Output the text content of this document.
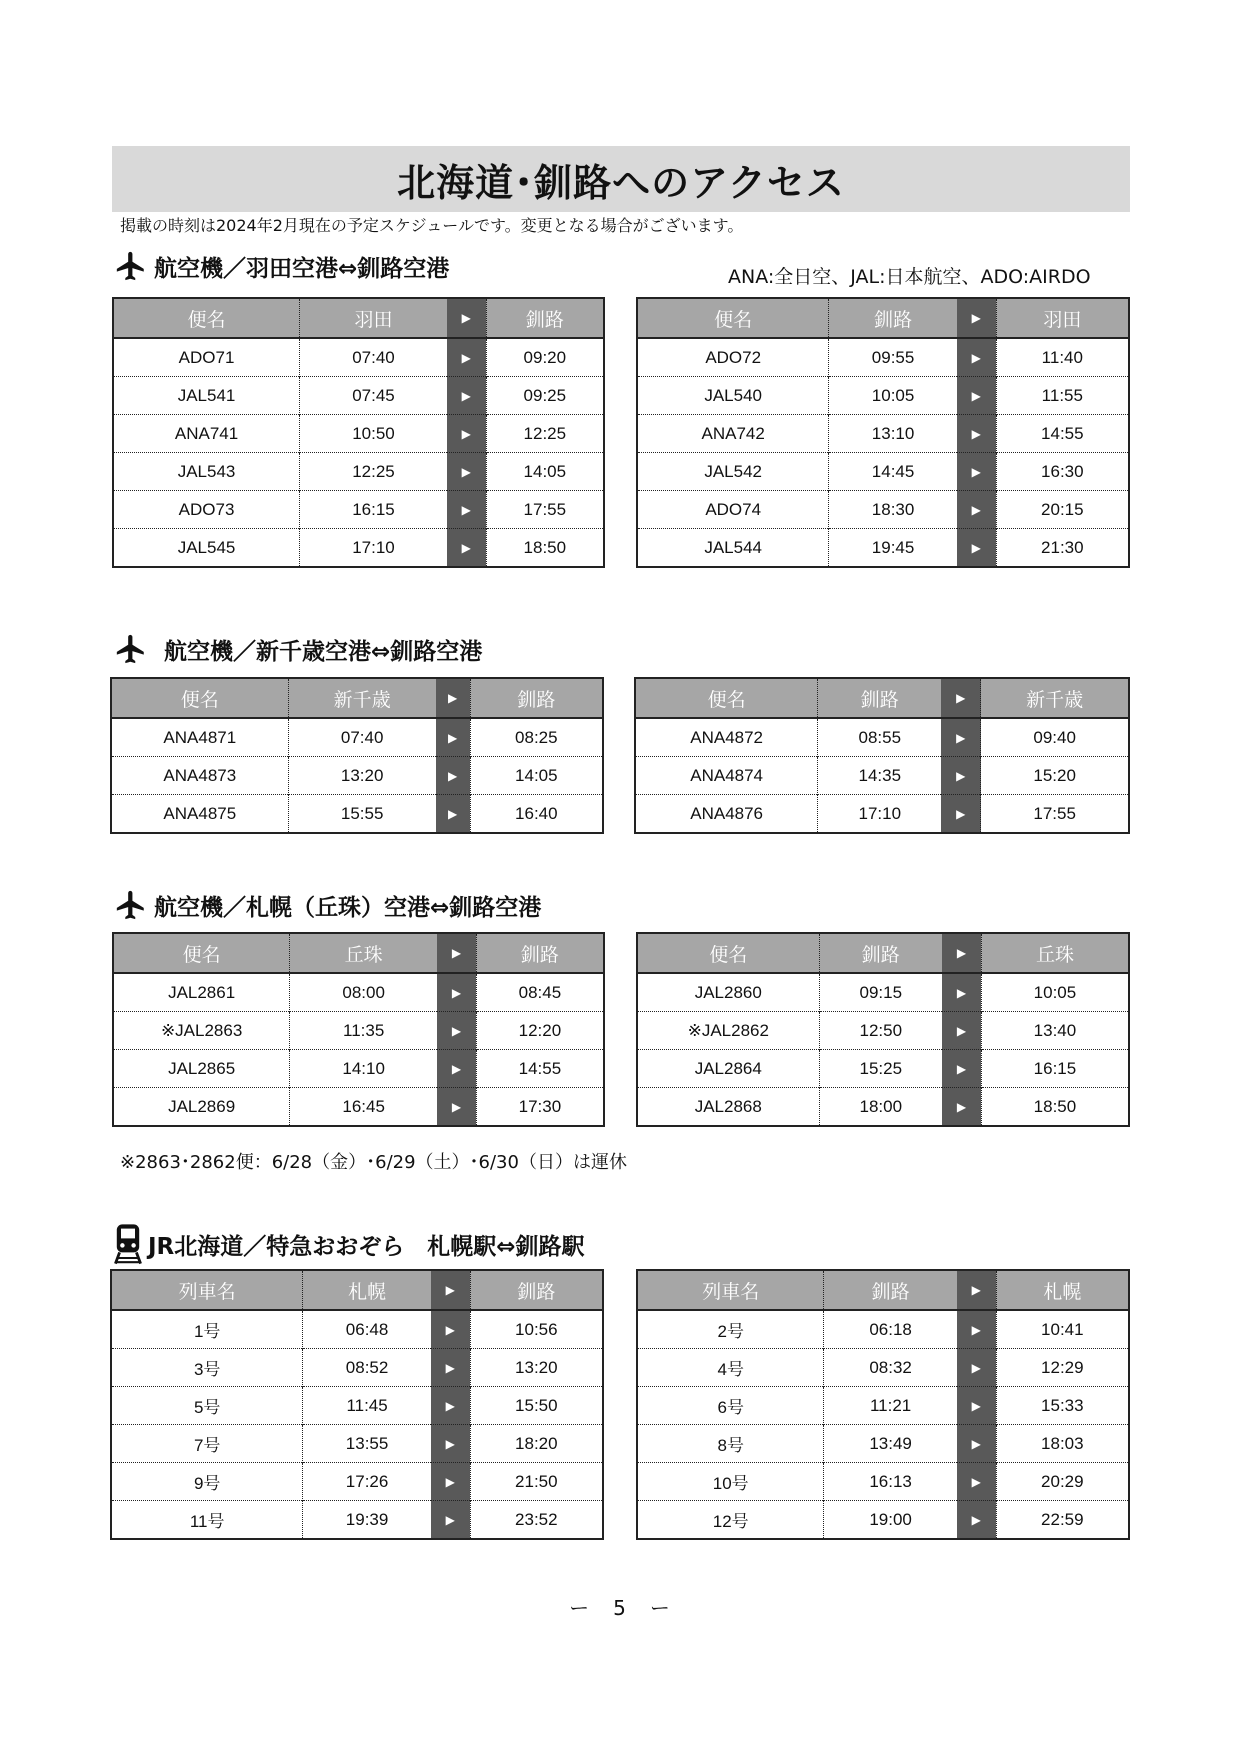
北海道･釧路へのアクセス
掲載の時刻は2024年2月現在の予定スケジュールです。変更となる場合がございます。
航空機／羽田空港⇔釧路空港	ANA:全日空、JAL:日本航空、ADO:AIRDO
航空機／新千歳空港⇔釧路空港
航空機／札幌（丘珠）空港⇔釧路空港
JR北海道／特急おおぞら　札幌駅⇔釧路駅
便名	羽田	▶	釧路
ADO71	07:40	▶	09:20
JAL541	07:45	▶	09:25
ANA741	10:50	▶	12:25
JAL543	12:25	▶	14:05
ADO73	16:15	▶	17:55
JAL545	17:10	▶	18:50
便名	釧路	▶	羽田
ADO72	09:55	▶	11:40
JAL540	10:05	▶	11:55
ANA742	13:10	▶	14:55
JAL542	14:45	▶	16:30
ADO74	18:30	▶	20:15
JAL544	19:45	▶	21:30
便名	新千歳	▶	釧路
ANA4871	07:40	▶	08:25
ANA4873	13:20	▶	14:05
ANA4875	15:55	▶	16:40
便名	釧路	▶	新千歳
ANA4872	08:55	▶	09:40
ANA4874	14:35	▶	15:20
ANA4876	17:10	▶	17:55
便名	丘珠	▶	釧路
JAL2861	08:00	▶	08:45
※JAL2863	11:35	▶	12:20
JAL2865	14:10	▶	14:55
JAL2869	16:45	▶	17:30
便名	釧路	▶	丘珠
JAL2860	09:15	▶	10:05
※JAL2862	12:50	▶	13:40
JAL2864	15:25	▶	16:15
JAL2868	18:00	▶	18:50
※2863･2862便：6/28（金）･6/29（土）･6/30（日）は運休
列車名	札幌	▶	釧路
1号	06:48	▶	10:56
3号	08:52	▶	13:20
5号	11:45	▶	15:50
7号	13:55	▶	18:20
9号	17:26	▶	21:50
11号	19:39	▶	23:52
列車名	釧路	▶	札幌
2号	06:18	▶	10:41
4号	08:32	▶	12:29
6号	11:21	▶	15:33
8号	13:49	▶	18:03
10号	16:13	▶	20:29
12号	19:00	▶	22:59
ー　5　ー
